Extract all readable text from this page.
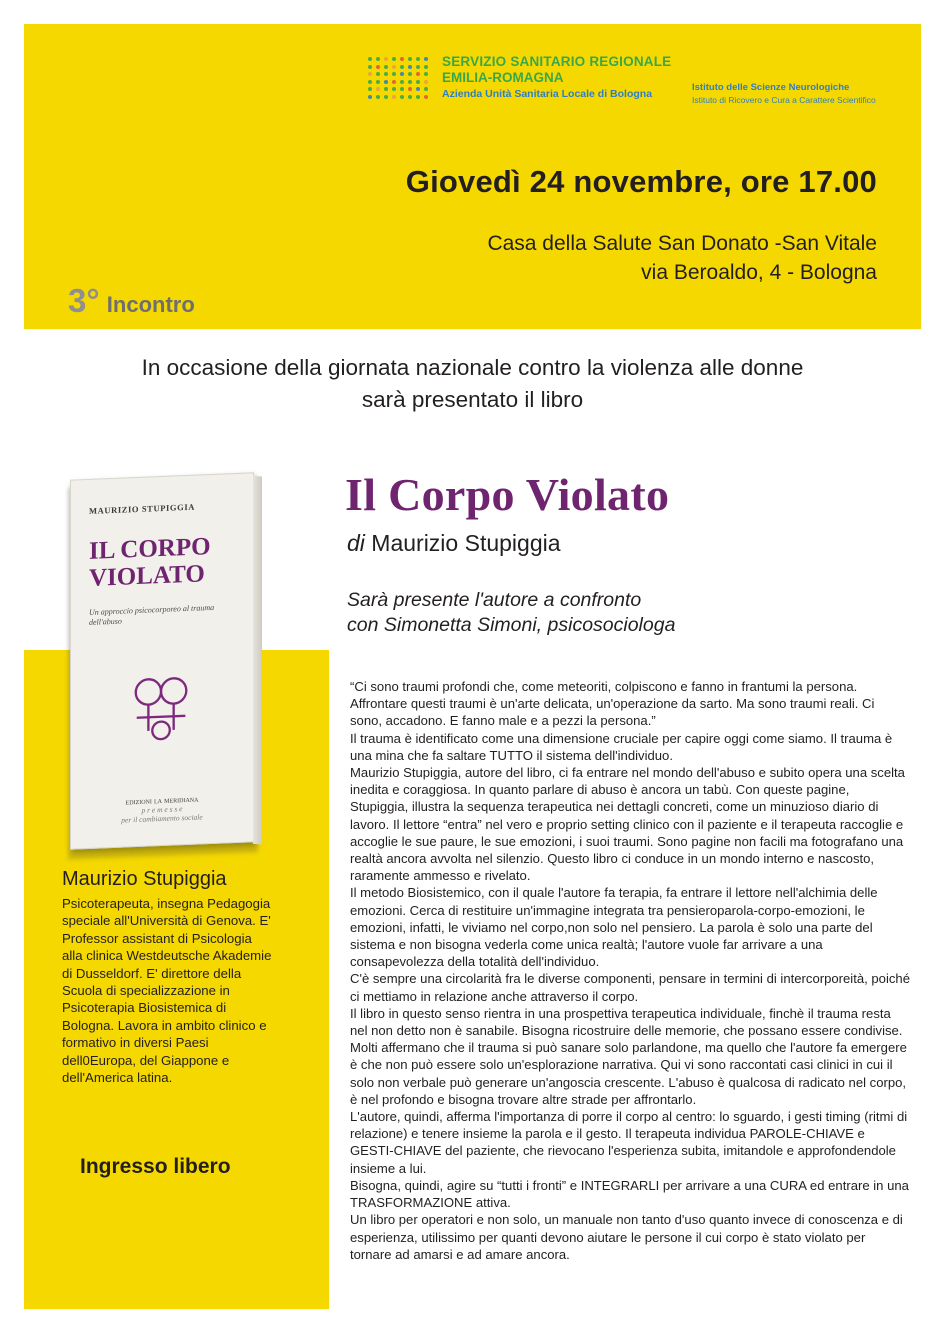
SERVIZIO SANITARIO REGIONALE
EMILIA-ROMAGNA
Azienda Unità Sanitaria Locale di Bologna
Istituto delle Scienze Neurologiche
Istituto di Ricovero e Cura a Carattere Scientifico
Giovedì 24 novembre, ore 17.00
Casa della Salute San Donato -San Vitale
via Beroaldo, 4 - Bologna
3° Incontro
In occasione della giornata nazionale contro la violenza alle donne
sarà presentato il libro
MAURIZIO STUPIGGIA
IL CORPO
VIOLATO
Un approccio psicocorporeo al trauma dell'abuso
edizioni la meridiana
p r e m e s s e
per il cambiamento sociale
Il Corpo Violato
di Maurizio Stupiggia
Sarà presente l'autore a confronto
con Simonetta Simoni, psicosociologa
Maurizio Stupiggia
Psicoterapeuta, insegna Pedagogia speciale all'Università di Genova. E' Professor assistant di Psicologia alla clinica Westdeutsche Akademie di Dusseldorf. E' direttore della Scuola di specializzazione in Psicoterapia Biosistemica di Bologna. Lavora in ambito clinico e formativo in diversi Paesi dell0Europa, del Giappone e dell'America latina.
Ingresso libero

“Ci sono traumi profondi che, come meteoriti, colpiscono e fanno in frantumi la persona. Affrontare questi traumi è un'arte delicata, un'operazione da sarto. Ma sono traumi reali. Ci sono, accadono. E fanno male e a pezzi la persona.”

Il trauma è identificato come una dimensione cruciale per capire oggi come siamo. Il trauma è una mina che fa saltare TUTTO il sistema dell'individuo.

Maurizio Stupiggia, autore del libro, ci fa entrare nel mondo dell'abuso e subito opera una scelta inedita e coraggiosa. In quanto parlare di abuso è ancora un tabù. Con queste pagine, Stupiggia, illustra la sequenza terapeutica nei dettagli concreti, come un minuzioso diario di lavoro. Il lettore “entra” nel vero e proprio setting clinico con il paziente e il terapeuta raccoglie e accoglie le sue paure, le sue emozioni, i suoi traumi. Sono pagine non facili ma fotografano una realtà ancora avvolta nel silenzio. Questo libro ci conduce in un mondo interno e nascosto, raramente ammesso e rivelato.

Il metodo Biosistemico, con il quale l'autore fa terapia, fa entrare il lettore nell'alchimia delle emozioni. Cerca di restituire un'immagine integrata tra pensieroparola-corpo-emozioni, le emozioni, infatti, le viviamo nel corpo,non solo nel pensiero. La parola è solo una parte del sistema e non bisogna vederla come unica realtà; l'autore vuole far arrivare a una consapevolezza della totalità dell'individuo.

C'è sempre una circolarità fra le diverse componenti, pensare in termini di intercorporeità, poiché ci mettiamo in relazione anche attraverso il corpo.

Il libro in questo senso rientra in una prospettiva terapeutica individuale, finchè il trauma resta nel non detto non è sanabile. Bisogna ricostruire delle memorie, che possano essere condivise. Molti affermano che il trauma si può sanare solo parlandone, ma quello che l'autore fa emergere è che non può essere solo un'esplorazione narrativa. Qui vi sono raccontati casi clinici in cui il solo non verbale può generare un'angoscia crescente. L'abuso è qualcosa di radicato nel corpo, è nel profondo e bisogna trovare altre strade per affrontarlo.

L'autore, quindi, afferma l'importanza di porre il corpo al centro: lo sguardo, i gesti timing (ritmi di relazione) e tenere insieme la parola e il gesto. Il terapeuta individua PAROLE-CHIAVE e GESTI-CHIAVE del paziente, che rievocano l'esperienza subita, imitandole e approfondendole insieme a lui.

Bisogna, quindi, agire su “tutti i fronti” e INTEGRARLI per arrivare a una CURA ed entrare in una TRASFORMAZIONE attiva.

Un libro per operatori e non solo, un manuale non tanto d'uso quanto invece di conoscenza e di esperienza, utilissimo per quanti devono aiutare le persone il cui corpo è stato violato per tornare ad amarsi e ad amare ancora.
